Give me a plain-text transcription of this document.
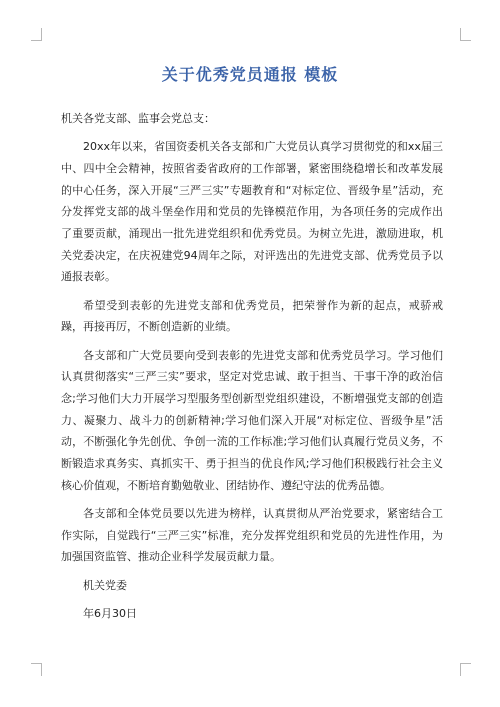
关于优秀党员通报 模板

机关各党支部、监事会党总支：

20xx年以来，省国资委机关各支部和广大党员认真学习贯彻党的和xx届三中、四中全会精神，按照省委省政府的工作部署，紧密围绕稳增长和改革发展的中心任务，深入开展“三严三实”专题教育和“对标定位、晋级争星”活动，充分发挥党支部的战斗堡垒作用和党员的先锋模范作用，为各项任务的完成作出了重要贡献，涌现出一批先进党组织和优秀党员。为树立先进，激励进取，机关党委决定，在庆祝建党94周年之际，对评选出的先进党支部、优秀党员予以通报表彰。

希望受到表彰的先进党支部和优秀党员，把荣誉作为新的起点，戒骄戒躁，再接再厉，不断创造新的业绩。

各支部和广大党员要向受到表彰的先进党支部和优秀党员学习。学习他们认真贯彻落实“三严三实”要求，坚定对党忠诚、敢于担当、干事干净的政治信念;学习他们大力开展学习型服务型创新型党组织建设，不断增强党支部的创造力、凝聚力、战斗力的创新精神;学习他们深入开展“对标定位、晋级争星”活动，不断强化争先创优、争创一流的工作标准;学习他们认真履行党员义务，不断锻造求真务实、真抓实干、勇于担当的优良作风;学习他们积极践行社会主义核心价值观，不断培育勤勉敬业、团结协作、遵纪守法的优秀品德。

各支部和全体党员要以先进为榜样，认真贯彻从严治党要求，紧密结合工作实际，自觉践行“三严三实”标准，充分发挥党组织和党员的先进性作用，为加强国资监管、推动企业科学发展贡献力量。

机关党委

年6月30日
